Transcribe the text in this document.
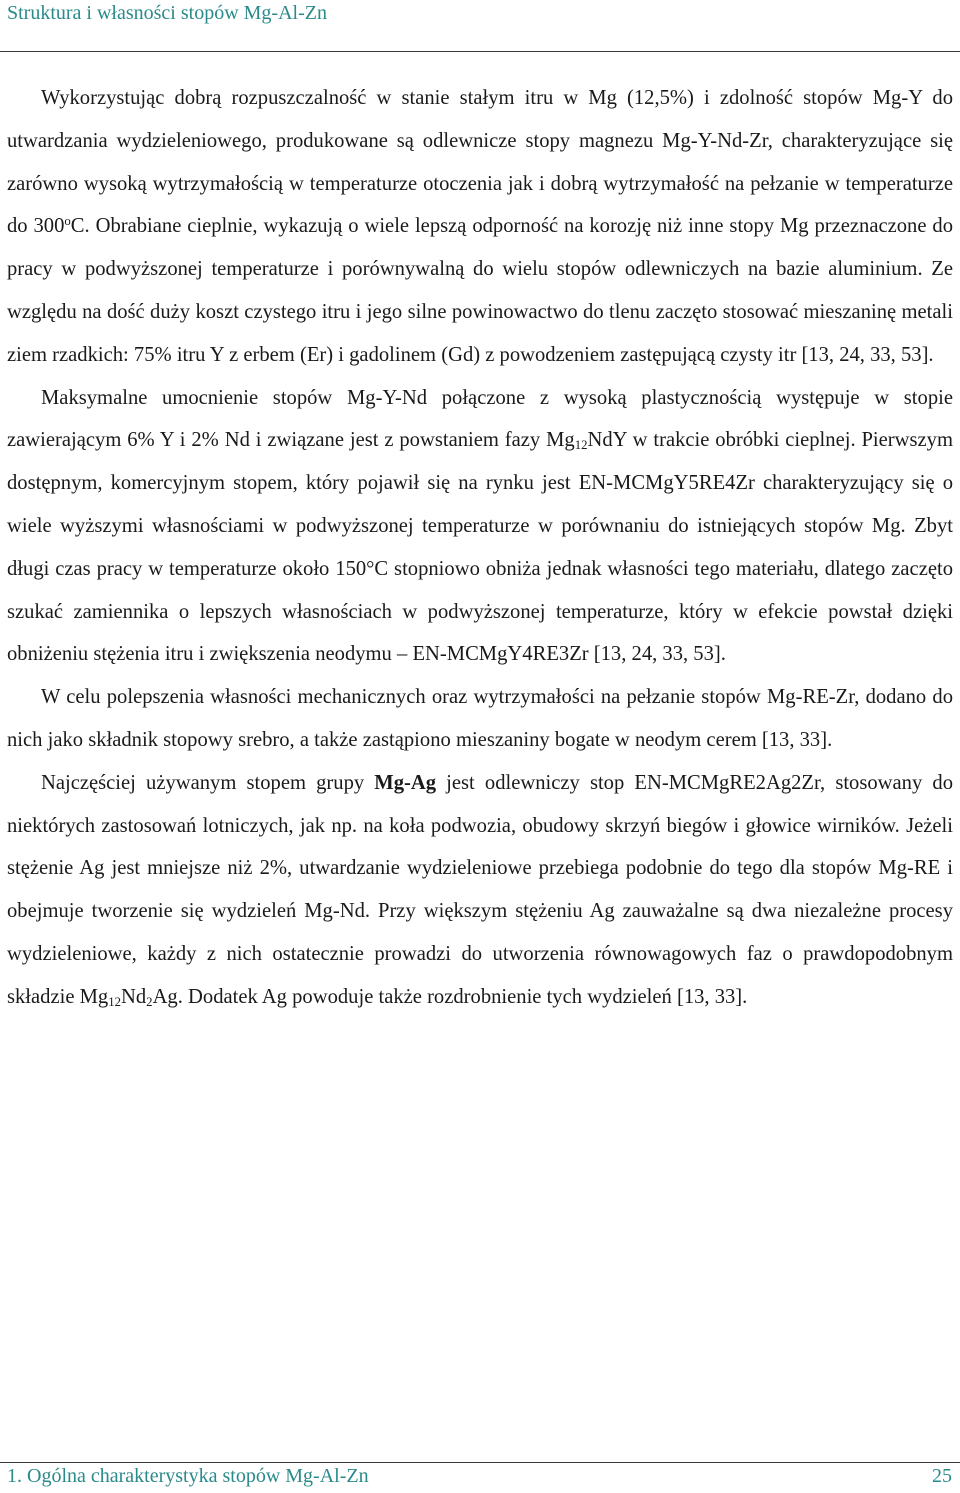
Struktura i własności stopów Mg-Al-Zn

Wykorzystując dobrą rozpuszczalność w stanie stałym itru w Mg (12,5%) i zdolność stopów Mg-Y do utwardzania wydzieleniowego, produkowane są odlewnicze stopy magnezu Mg-Y-Nd-Zr, charakteryzujące się zarówno wysoką wytrzymałością w temperaturze otoczenia jak i dobrą wytrzymałość na pełzanie w temperaturze do 300$^o$C. Obrabiane cieplnie, wykazują o wiele lepszą odporność na korozję niż inne stopy Mg przeznaczone do pracy w podwyższonej temperaturze i porównywalną do wielu stopów odlewniczych na bazie aluminium. Ze względu na dość duży koszt czystego itru i jego silne powinowactwo do tlenu zaczęto stosować mieszaninę metali ziem rzadkich: 75% itru Y z erbem (Er) i gadolinem (Gd) z powodzeniem zastępującą czysty itr [13, 24, 33, 53].

Maksymalne umocnienie stopów Mg-Y-Nd połączone z wysoką plastycznością występuje w stopie zawierającym 6% Y i 2% Nd i związane jest z powstaniem fazy $Mg_{12}NdY$ w trakcie obróbki cieplnej. Pierwszym dostępnym, komercyjnym stopem, który pojawił się na rynku jest EN-MCMgY5RE4Zr charakteryzujący się o wiele wyższymi własnościami w podwyższonej temperaturze w porównaniu do istniejących stopów Mg. Zbyt długi czas pracy w temperaturze około 150°C stopniowo obniża jednak własności tego materiału, dlatego zaczęto szukać zamiennika o lepszych własnościach w podwyższonej temperaturze, który w efekcie powstał dzięki obniżeniu stężenia itru i zwiększenia neodymu – EN-MCMgY4RE3Zr [13, 24, 33, 53].

W celu polepszenia własności mechanicznych oraz wytrzymałości na pełzanie stopów Mg-RE-Zr, dodano do nich jako składnik stopowy srebro, a także zastąpiono mieszaniny bogate w neodym cerem [13, 33].

Najczęściej używanym stopem grupy Mg-Ag jest odlewniczy stop EN-MCMgRE2Ag2Zr, stosowany do niektórych zastosowań lotniczych, jak np. na koła podwozia, obudowy skrzyń biegów i głowice wirników. Jeżeli stężenie Ag jest mniejsze niż 2%, utwardzanie wydzieleniowe przebiega podobnie do tego dla stopów Mg-RE i obejmuje tworzenie się wydzieleń Mg-Nd. Przy większym stężeniu Ag zauważalne są dwa niezależne procesy wydzieleniowe, każdy z nich ostatecznie prowadzi do utworzenia równowagowych faz o prawdopodobnym składzie $Mg_{12}Nd_2Ag$. Dodatek Ag powoduje także rozdrobnienie tych wydzieleń [13, 33].

1. Ogólna charakterystyka stopów Mg-Al-Zn	25
